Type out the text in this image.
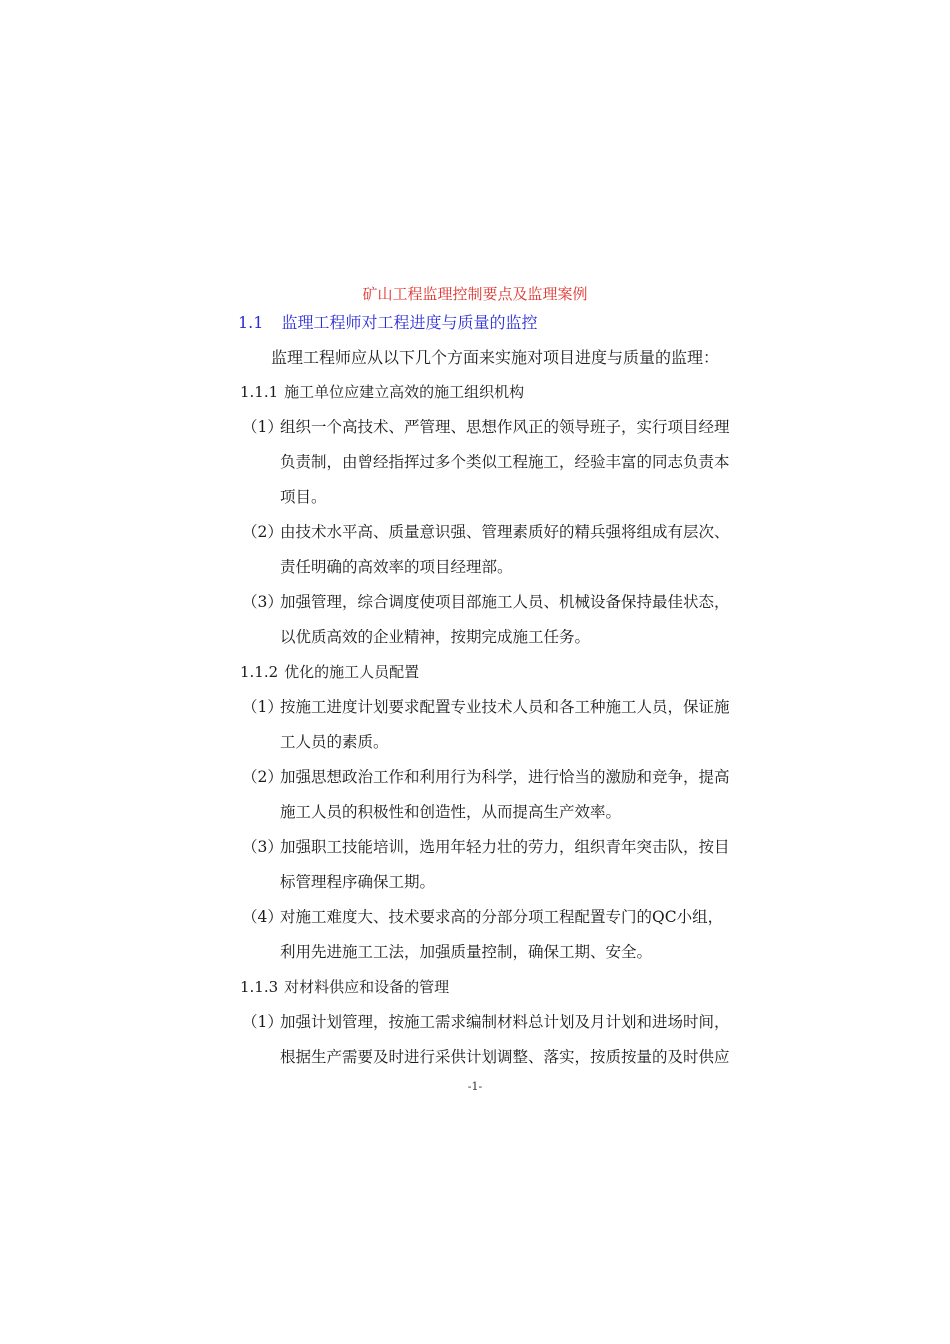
矿山工程监理控制要点及监理案例
1.1 监理工程师对工程进度与质量的监控
监理工程师应从以下几个方面来实施对项目进度与质量的监理：
1.1.1 施工单位应建立高效的施工组织机构
（1）组织一个高技术、严管理、思想作风正的领导班子，实行项目经理
负责制，由曾经指挥过多个类似工程施工，经验丰富的同志负责本
项目。
（2）由技术水平高、质量意识强、管理素质好的精兵强将组成有层次、
责任明确的高效率的项目经理部。
（3）加强管理，综合调度使项目部施工人员、机械设备保持最佳状态，
以优质高效的企业精神，按期完成施工任务。
1.1.2 优化的施工人员配置
（1）按施工进度计划要求配置专业技术人员和各工种施工人员，保证施
工人员的素质。
（2）加强思想政治工作和利用行为科学，进行恰当的激励和竞争，提高
施工人员的积极性和创造性，从而提高生产效率。
（3）加强职工技能培训，选用年轻力壮的劳力，组织青年突击队，按目
标管理程序确保工期。
（4）对施工难度大、技术要求高的分部分项工程配置专门的QC小组，
利用先进施工工法，加强质量控制，确保工期、安全。
1.1.3 对材料供应和设备的管理
（1）加强计划管理，按施工需求编制材料总计划及月计划和进场时间，
根据生产需要及时进行采供计划调整、落实，按质按量的及时供应
-1-
